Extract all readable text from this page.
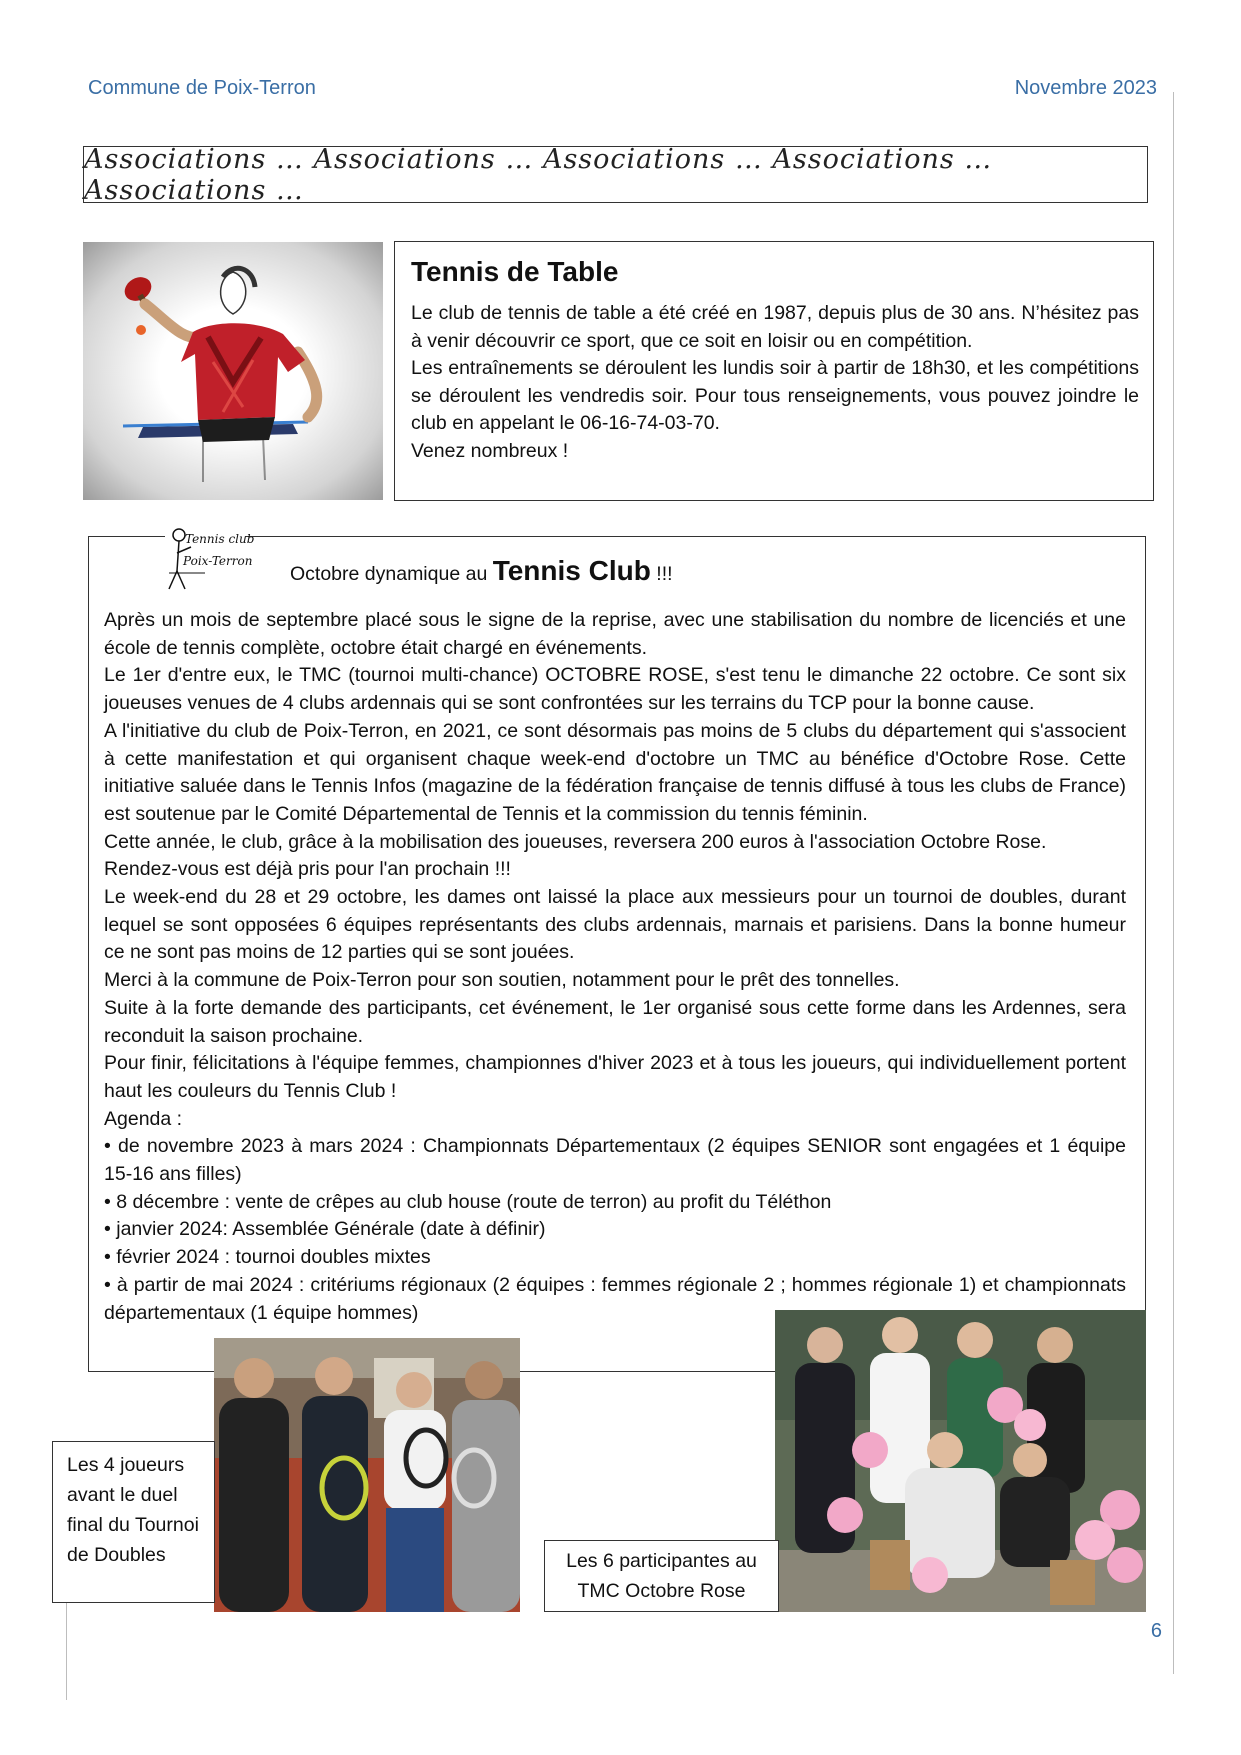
Commune de Poix-Terron	Novembre 2023
Associations … Associations … Associations … Associations … Associations …
Tennis de Table
Le club de tennis de table a été créé en 1987, depuis plus de 30 ans. N’hésitez pas à venir découvrir ce sport, que ce soit en loisir ou en compétition.
Les entraînements se déroulent les lundis soir à partir de 18h30, et les compétitions se déroulent les vendredis soir. Pour tous renseignements, vous pouvez joindre le club en appelant le 06-16-74-03-70.

Venez nombreux !

Tennis club
Poix-Terron
Octobre dynamique au Tennis Club !!!
Après un mois de septembre placé sous le signe de la reprise, avec une stabilisation du nombre de licenciés et une école de tennis complète, octobre était chargé en événements.
Le 1er d'entre eux, le TMC (tournoi multi-chance) OCTOBRE ROSE, s'est tenu le dimanche 22 octobre. Ce sont six joueuses venues de 4 clubs ardennais qui se sont confrontées sur les terrains du TCP pour la bonne cause.
A l'initiative du club de Poix-Terron, en 2021, ce sont désormais pas moins de 5 clubs du département qui s'associent à cette manifestation et qui organisent chaque week-end d'octobre un TMC au bénéfice d'Octobre Rose. Cette initiative saluée dans le Tennis Infos (magazine de la fédération française de tennis diffusé à tous les clubs de France) est soutenue par le Comité Départemental de Tennis et la commission du tennis féminin.
Cette année, le club, grâce à la mobilisation des joueuses, reversera 200 euros à l'association Octobre Rose.
Rendez-vous est déjà pris pour l'an prochain !!!
Le week-end du 28 et 29 octobre, les dames ont laissé la place aux messieurs pour un tournoi de doubles, durant lequel se sont opposées 6 équipes représentants des clubs ardennais, marnais et parisiens. Dans la bonne humeur ce ne sont pas moins de 12 parties qui se sont jouées.
Merci à la commune de Poix-Terron pour son soutien, notamment pour le prêt des tonnelles.
Suite à la forte demande des participants, cet événement, le 1er organisé sous cette forme dans les Ardennes, sera reconduit la saison prochaine.
Pour finir, félicitations à l'équipe femmes, championnes d'hiver 2023 et à tous les joueurs, qui individuellement portent haut les couleurs du Tennis Club !
Agenda :
• de novembre 2023 à mars 2024 : Championnats Départementaux (2 équipes SENIOR sont engagées et 1 équipe 15-16 ans filles)
• 8 décembre : vente de crêpes au club house (route de terron) au profit du Téléthon
• janvier 2024: Assemblée Générale (date à définir)
• février 2024 : tournoi doubles mixtes
• à partir de mai 2024 : critériums régionaux (2 équipes : femmes régionale 2 ; hommes régionale 1) et championnats départementaux (1 équipe hommes)
Les 4 joueurs avant le duel final du Tournoi de Doubles	Les 6 participantes au TMC Octobre Rose
6
